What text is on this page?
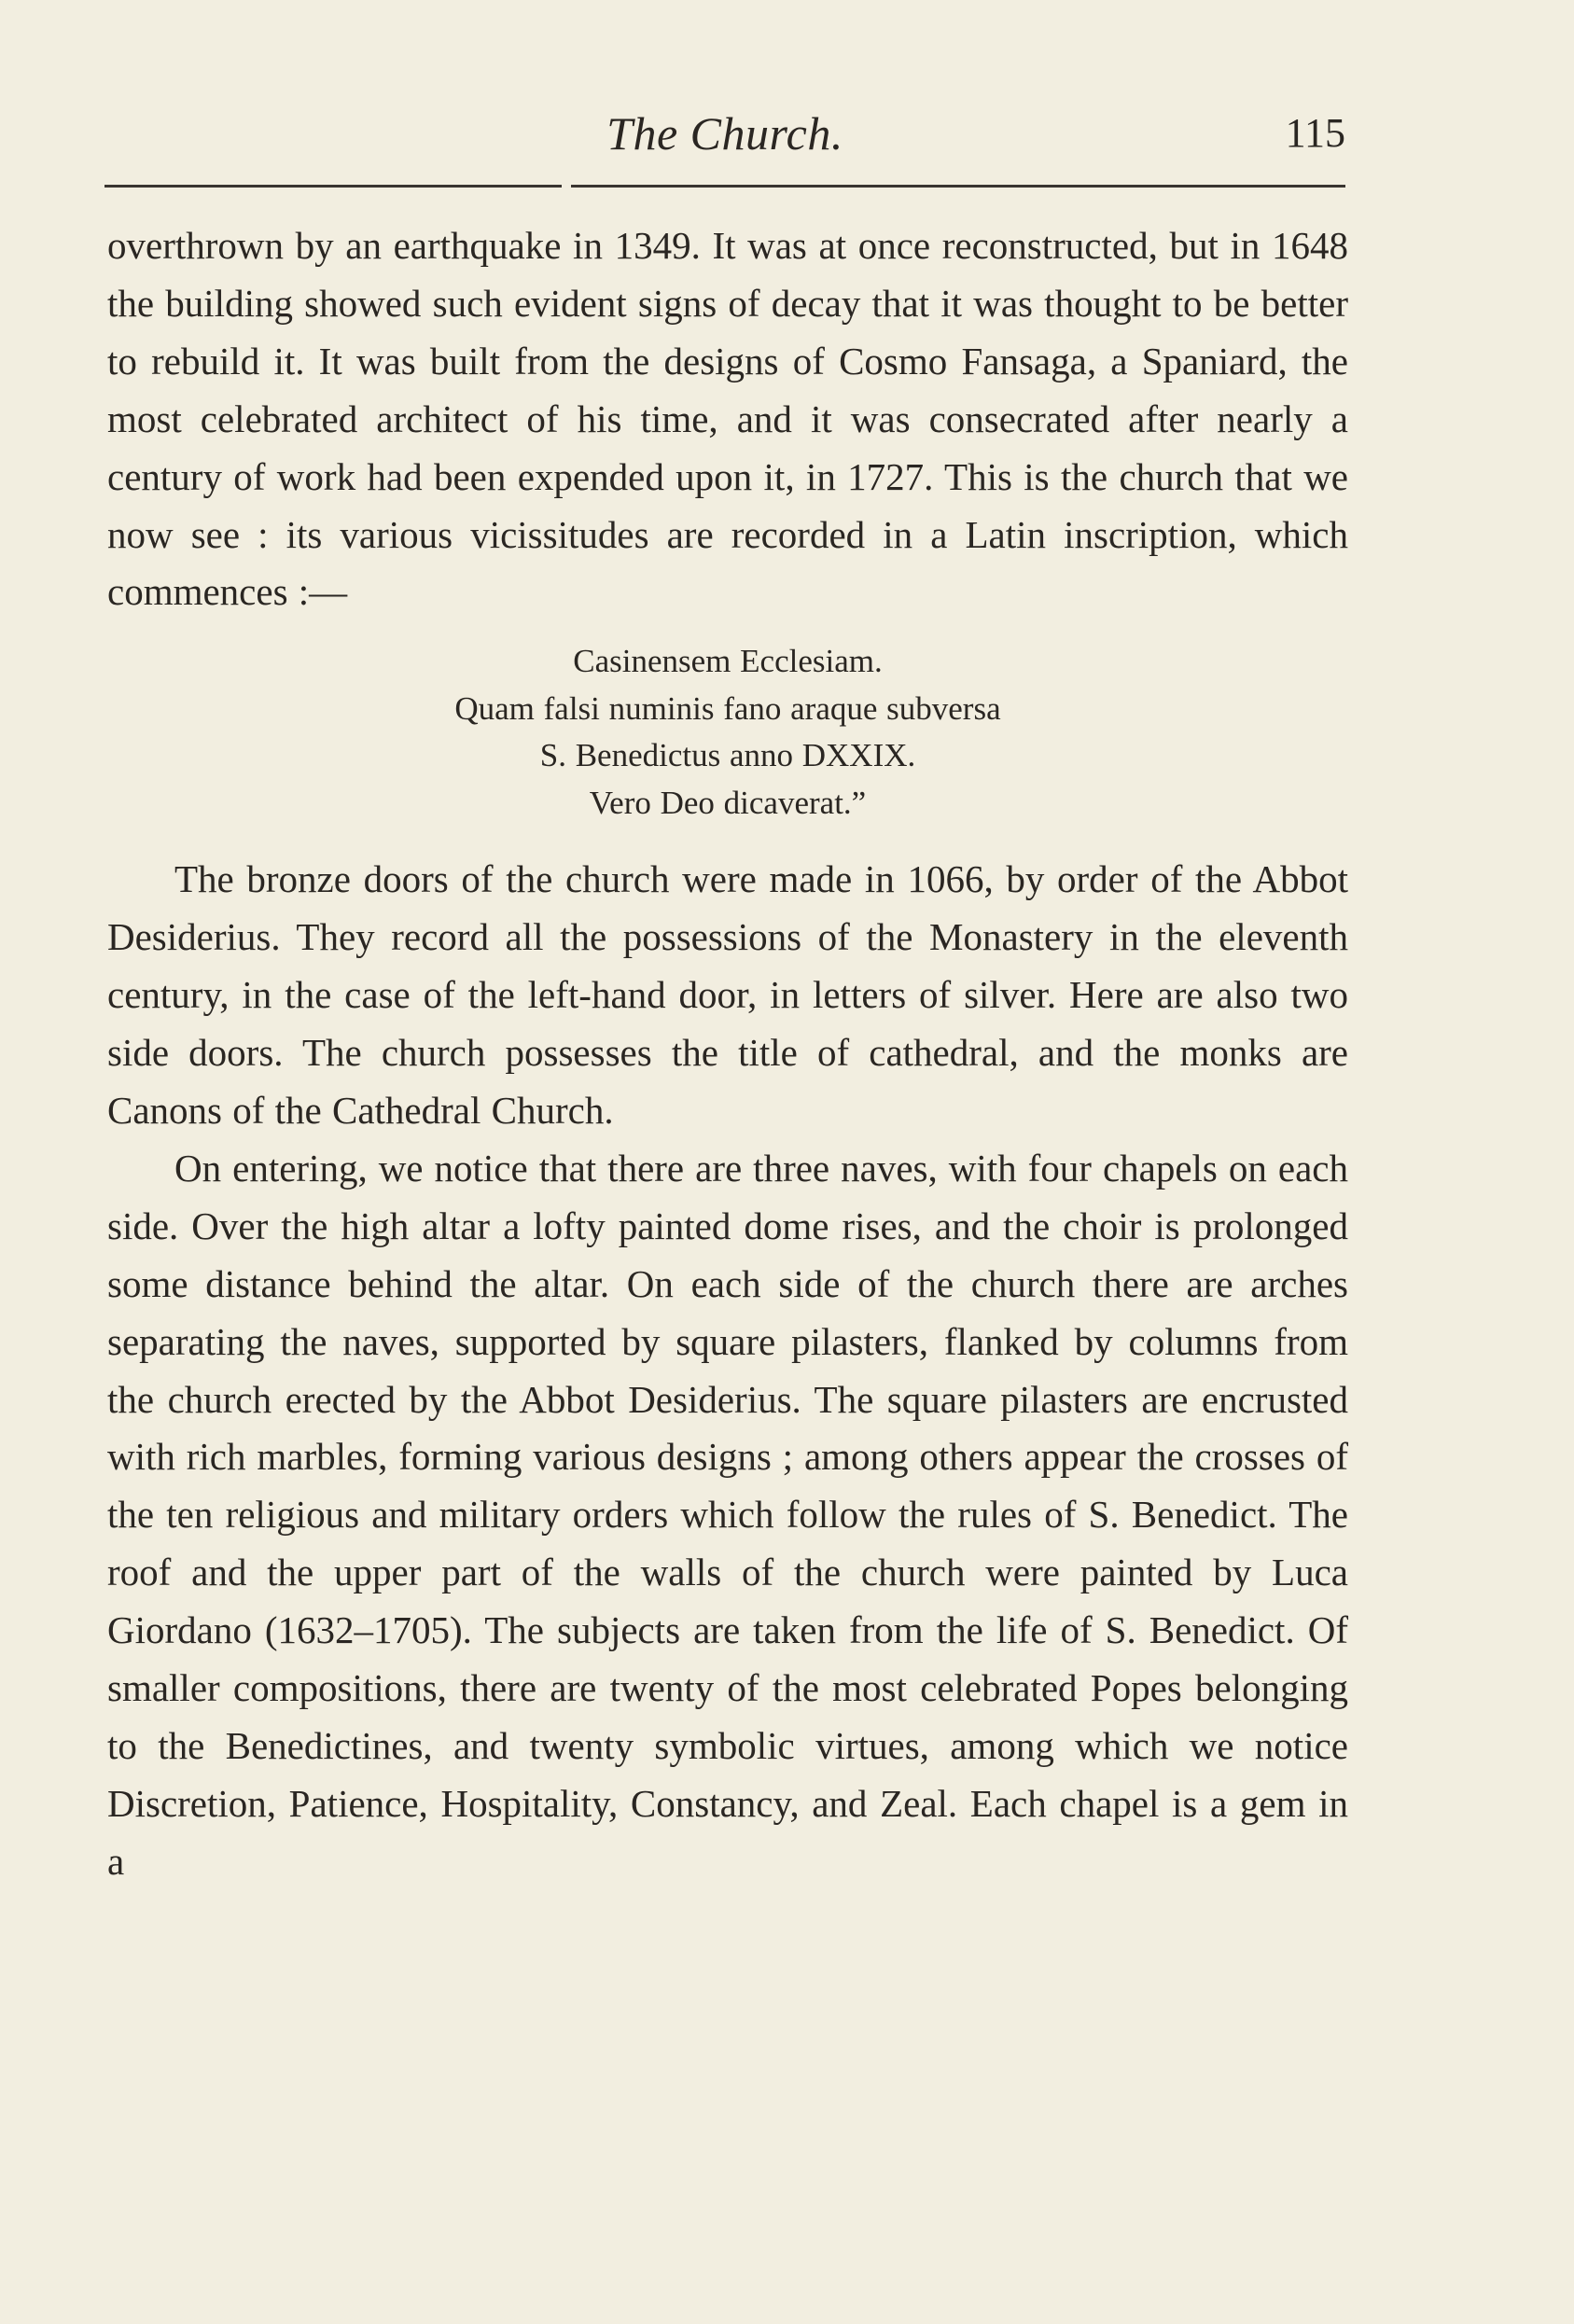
The Church.	115

overthrown by an earthquake in 1349. It was at once reconstructed, but in 1648 the building showed such evident signs of decay that it was thought to be better to rebuild it. It was built from the designs of Cosmo Fansaga, a Spaniard, the most celebrated architect of his time, and it was consecrated after nearly a century of work had been expended upon it, in 1727. This is the church that we now see : its various vicissitudes are recorded in a Latin inscription, which commences :—

Casinensem Ecclesiam.
Quam falsi numinis fano araque subversa
S. Benedictus anno DXXIX.
Vero Deo dicaverat.”

The bronze doors of the church were made in 1066, by order of the Abbot Desiderius. They record all the possessions of the Monastery in the eleventh century, in the case of the left-hand door, in letters of silver. Here are also two side doors. The church possesses the title of cathedral, and the monks are Canons of the Cathedral Church.

On entering, we notice that there are three naves, with four chapels on each side. Over the high altar a lofty painted dome rises, and the choir is prolonged some distance behind the altar. On each side of the church there are arches separating the naves, supported by square pilasters, flanked by columns from the church erected by the Abbot Desiderius. The square pilasters are encrusted with rich marbles, forming various designs ; among others appear the crosses of the ten religious and military orders which follow the rules of S. Benedict. The roof and the upper part of the walls of the church were painted by Luca Giordano (1632–1705). The subjects are taken from the life of S. Benedict. Of smaller compositions, there are twenty of the most celebrated Popes belonging to the Benedictines, and twenty symbolic virtues, among which we notice Discretion, Patience, Hospitality, Constancy, and Zeal. Each chapel is a gem in a
